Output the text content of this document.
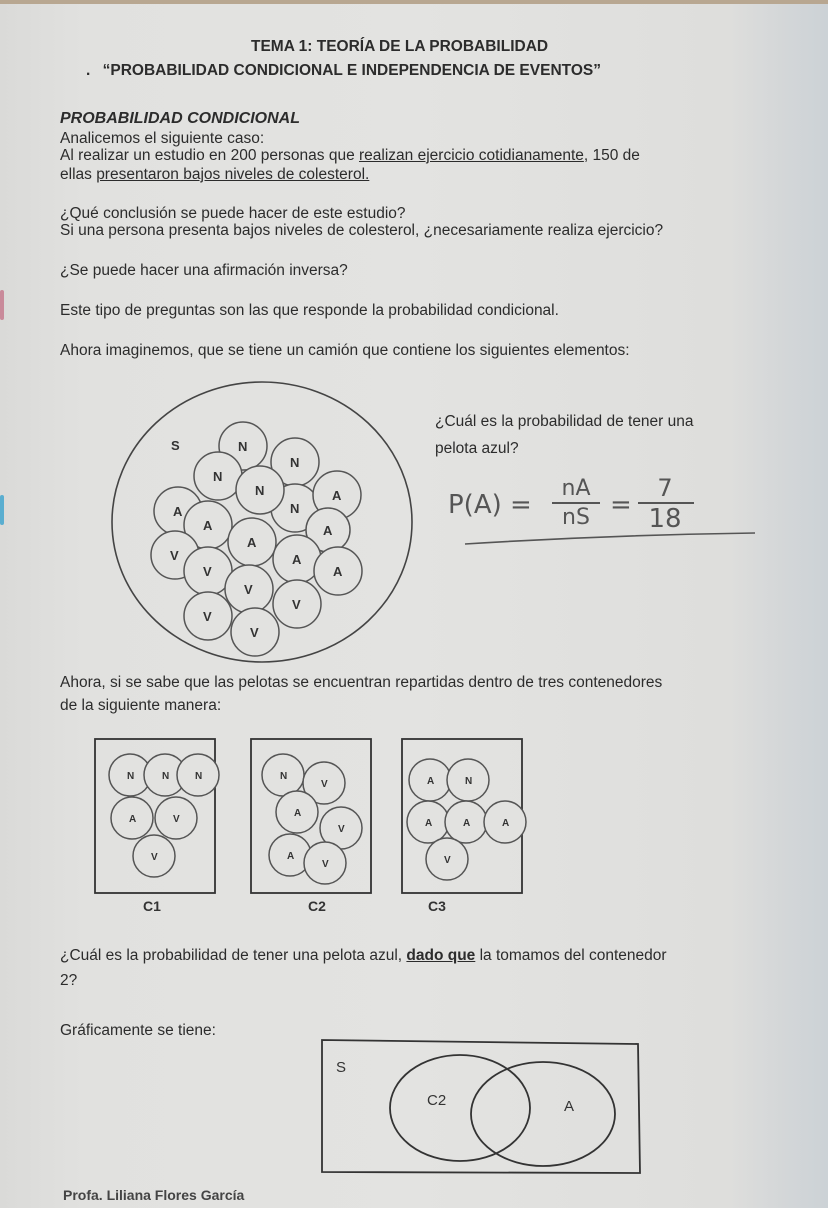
TEMA 1: TEORÍA DE LA PROBABILIDAD
. “PROBABILIDAD CONDICIONAL E INDEPENDENCIA DE EVENTOS”
PROBABILIDAD CONDICIONAL
Analicemos el siguiente caso:
Al realizar un estudio en 200 personas que realizan ejercicio cotidianamente, 150 de
ellas presentaron bajos niveles de colesterol.
¿Qué conclusión se puede hacer de este estudio?
Si una persona presenta bajos niveles de colesterol, ¿necesariamente realiza ejercicio?
¿Se puede hacer una afirmación inversa?
Este tipo de preguntas son las que responde la probabilidad condicional.
Ahora imaginemos, que se tiene un camión que contiene los siguientes elementos:
S	N
N
N
A
A
N
N	A
A
V
A
A
A
V
V
V
V
V
¿Cuál es la probabilidad de tener una
pelota azul?
P(A) =
nA
nS =
7
18
Ahora, si se sabe que las pelotas se encuentran repartidas dentro de tres contenedores
de la siguiente manera:
N	N	N
A	V
V
N
V
A
V
A
V
A	N
A	A	A
V
C1	C2	C3
¿Cuál es la probabilidad de tener una pelota azul, dado que la tomamos del contenedor
2?
Gráficamente se tiene:
S
C2	A
Profa. Liliana Flores García
